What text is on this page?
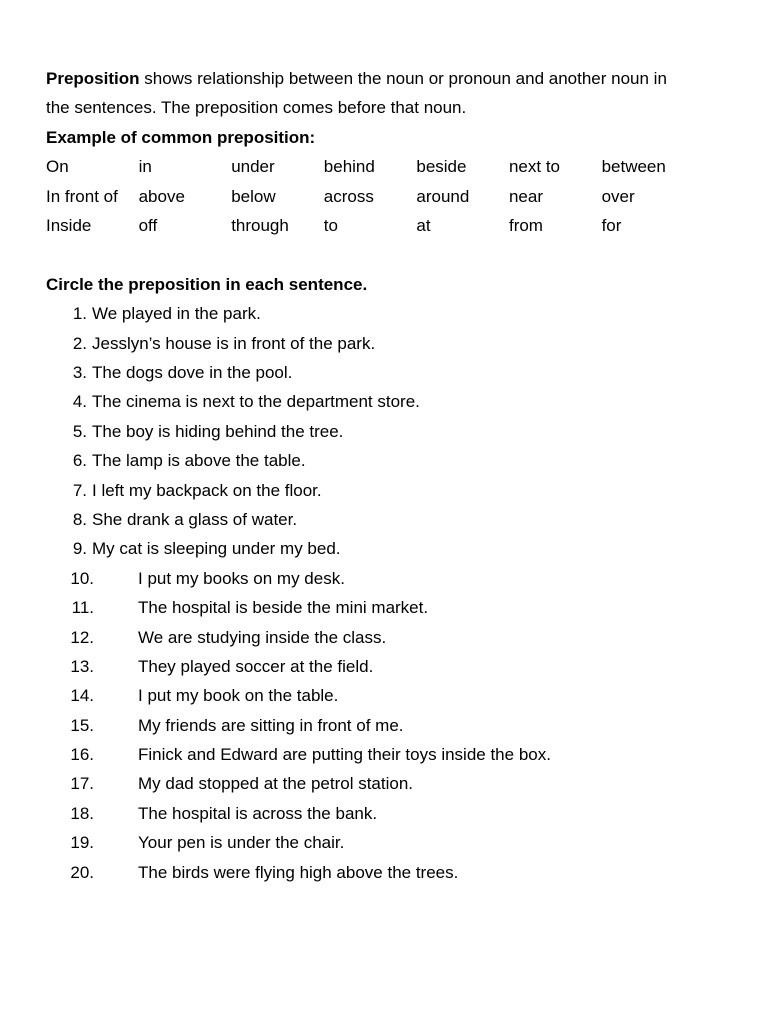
Preposition shows relationship between the noun or pronoun and another noun in
the sentences. The preposition comes before that noun.

Example of common preposition:

On	in	under	behind	beside	next to	between
In front of	above	below	across	around	near	over
Inside	off	through	to	at	from	for

Circle the preposition in each sentence.

1. We played in the park.
2. Jesslyn’s house is in front of the park.
3. The dogs dove in the pool.
4. The cinema is next to the department store.
5. The boy is hiding behind the tree.
6. The lamp is above the table.
7. I left my backpack on the floor.
8. She drank a glass of water.
9. My cat is sleeping under my bed.
10.	I put my books on my desk.
11.	The hospital is beside the mini market.
12.	We are studying inside the class.
13.	They played soccer at the field.
14.	I put my book on the table.
15.	My friends are sitting in front of me.
16.	Finick and Edward are putting their toys inside the box.
17.	My dad stopped at the petrol station.
18.	The hospital is across the bank.
19.	Your pen is under the chair.
20.	The birds were flying high above the trees.
